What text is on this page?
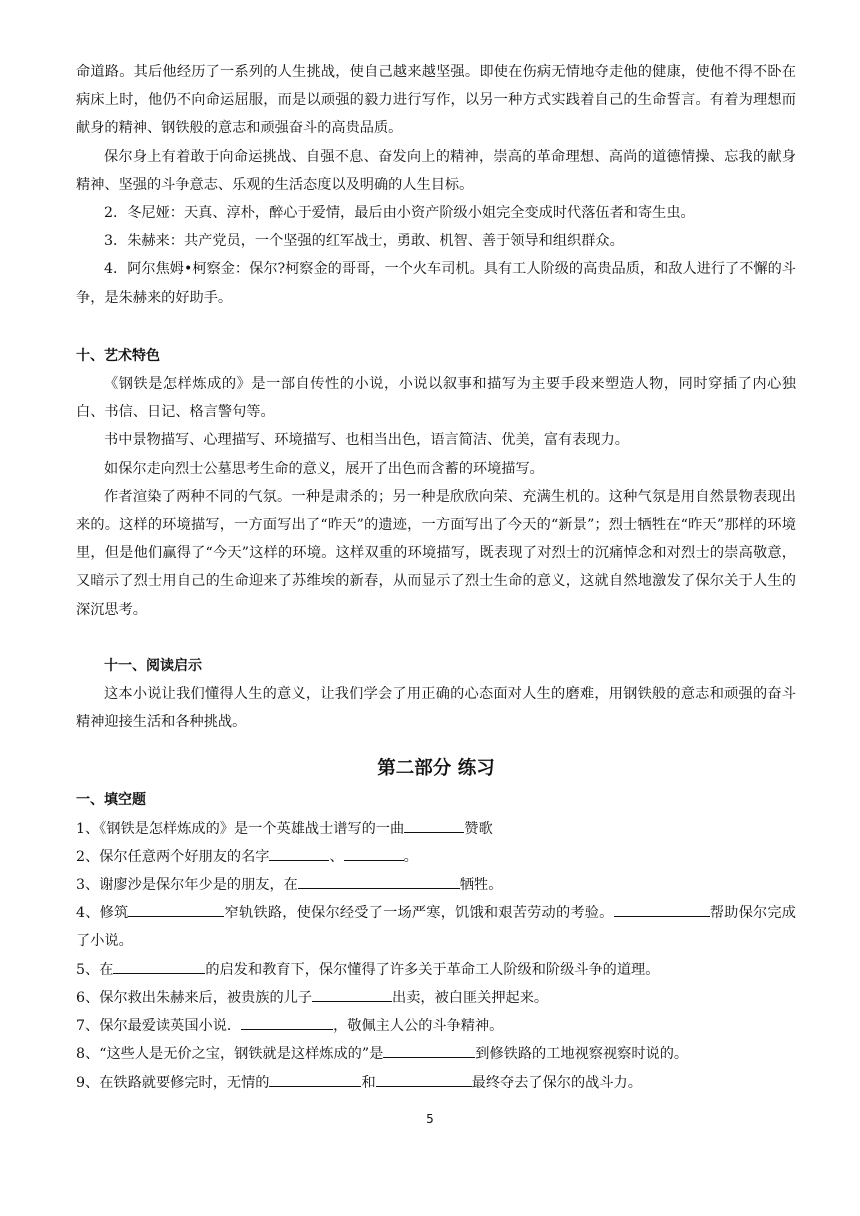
命道路。其后他经历了一系列的人生挑战，使自己越来越坚强。即使在伤病无情地夺走他的健康，使他不得不卧在病床上时，他仍不向命运屈服，而是以顽强的毅力进行写作，以另一种方式实践着自己的生命誓言。有着为理想而献身的精神、钢铁般的意志和顽强奋斗的高贵品质。

保尔身上有着敢于向命运挑战、自强不息、奋发向上的精神，崇高的革命理想、高尚的道德情操、忘我的献身精神、坚强的斗争意志、乐观的生活态度以及明确的人生目标。

2．冬尼娅：天真、淳朴，醉心于爱情，最后由小资产阶级小姐完全变成时代落伍者和寄生虫。

3．朱赫来：共产党员，一个坚强的红军战士，勇敢、机智、善于领导和组织群众。

4．阿尔焦姆•柯察金：保尔?柯察金的哥哥，一个火车司机。具有工人阶级的高贵品质，和敌人进行了不懈的斗争，是朱赫来的好助手。

十、艺术特色

《钢铁是怎样炼成的》是一部自传性的小说，小说以叙事和描写为主要手段来塑造人物，同时穿插了内心独白、书信、日记、格言警句等。

书中景物描写、心理描写、环境描写、也相当出色，语言简洁、优美，富有表现力。

如保尔走向烈士公墓思考生命的意义，展开了出色而含蓄的环境描写。

作者渲染了两种不同的气氛。一种是肃杀的；另一种是欣欣向荣、充满生机的。这种气氛是用自然景物表现出来的。这样的环境描写，一方面写出了“昨天”的遗迹，一方面写出了今天的“新景”；烈士牺牲在“昨天”那样的环境里，但是他们赢得了“今天”这样的环境。这样双重的环境描写，既表现了对烈士的沉痛悼念和对烈士的崇高敬意，又暗示了烈士用自己的生命迎来了苏维埃的新春，从而显示了烈士生命的意义，这就自然地激发了保尔关于人生的深沉思考。

十一、阅读启示

这本小说让我们懂得人生的意义，让我们学会了用正确的心态面对人生的磨难，用钢铁般的意志和顽强的奋斗精神迎接生活和各种挑战。

第二部分 练习

一、填空题

1、《钢铁是怎样炼成的》是一个英雄战士谱写的一曲	赞歌

2、保尔任意两个好朋友的名字	、	。

3、谢廖沙是保尔年少是的朋友，在	牺牲。

4、修筑	窄轨铁路，使保尔经受了一场严寒，饥饿和艰苦劳动的考验。	帮助保尔完成了小说。

5、在	的启发和教育下，保尔懂得了许多关于革命工人阶级和阶级斗争的道理。

6、保尔救出朱赫来后，被贵族的儿子	出卖，被白匪关押起来。

7、保尔最爱读英国小说．	，敬佩主人公的斗争精神。

8、“这些人是无价之宝，钢铁就是这样炼成的”是	到修铁路的工地视察视察时说的。

9、在铁路就要修完时，无情的	和	最终夺去了保尔的战斗力。

5
